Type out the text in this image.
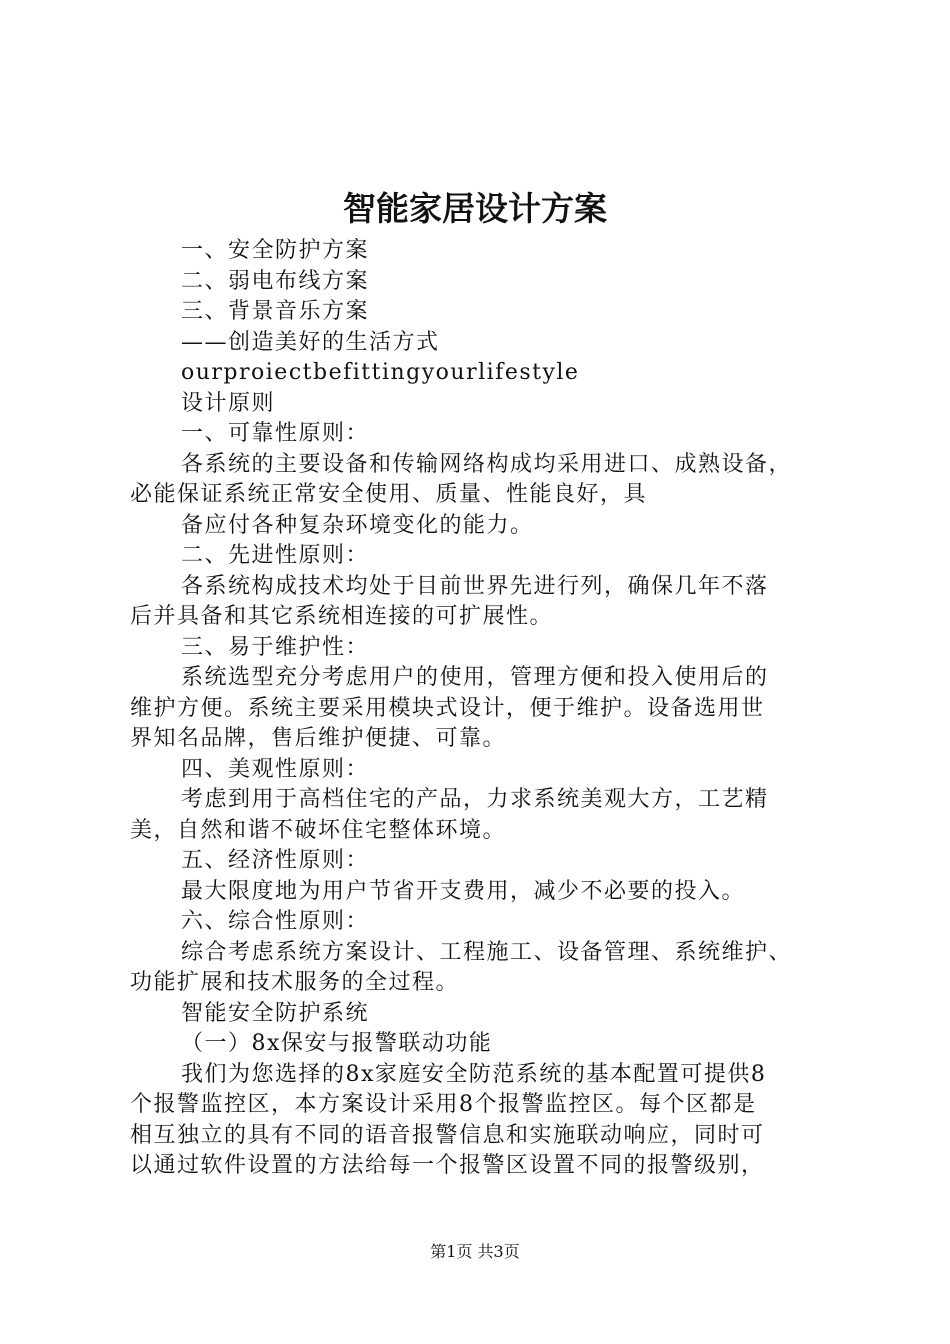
智能家居设计方案
一、安全防护方案
二、弱电布线方案
三、背景音乐方案
——创造美好的生活方式
ourproiectbefittingyourlifestyle
设计原则
一、可靠性原则：
各系统的主要设备和传输网络构成均采用进口、成熟设备，
必能保证系统正常安全使用、质量、性能良好，具
备应付各种复杂环境变化的能力。
二、先进性原则：
各系统构成技术均处于目前世界先进行列，确保几年不落
后并具备和其它系统相连接的可扩展性。
三、易于维护性：
系统选型充分考虑用户的使用，管理方便和投入使用后的
维护方便。系统主要采用模块式设计，便于维护。设备选用世
界知名品牌，售后维护便捷、可靠。
四、美观性原则：
考虑到用于高档住宅的产品，力求系统美观大方，工艺精
美，自然和谐不破坏住宅整体环境。
五、经济性原则：
最大限度地为用户节省开支费用，减少不必要的投入。
六、综合性原则：
综合考虑系统方案设计、工程施工、设备管理、系统维护、
功能扩展和技术服务的全过程。
智能安全防护系统
（一）8x保安与报警联动功能
我们为您选择的8x家庭安全防范系统的基本配置可提供8
个报警监控区，本方案设计采用8个报警监控区。每个区都是
相互独立的具有不同的语音报警信息和实施联动响应，同时可
以通过软件设置的方法给每一个报警区设置不同的报警级别，
第1页 共3页
